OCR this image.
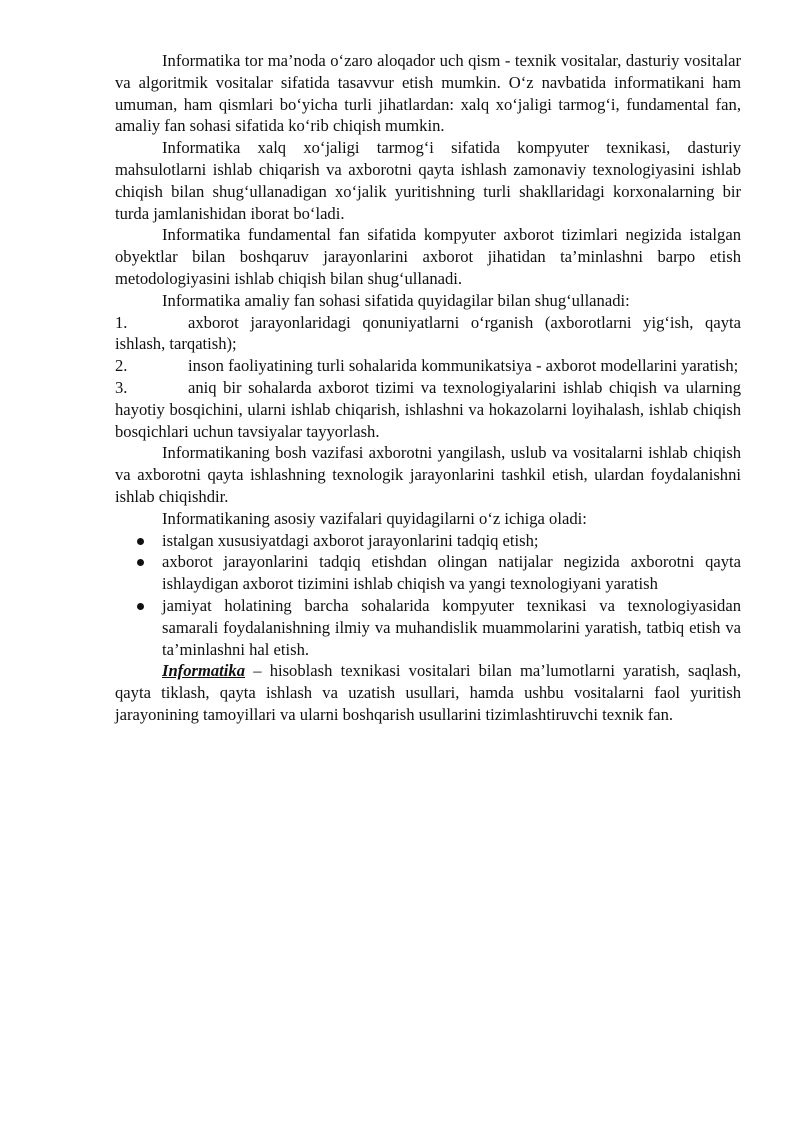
Informatika tor ma’noda o‘zaro aloqador uch qism - texnik vositalar, dasturiy vositalar va algoritmik vositalar sifatida tasavvur etish mumkin. O‘z navbatida informatikani ham umuman, ham qismlari bo‘yicha turli jihatlardan: xalq xo‘jaligi tarmog‘i, fundamental fan, amaliy fan sohasi sifatida ko‘rib chiqish mumkin.

Informatika xalq xo‘jaligi tarmog‘i sifatida kompyuter texnikasi, dasturiy mahsulotlarni ishlab chiqarish va axborotni qayta ishlash zamonaviy texnologiyasini ishlab chiqish bilan shug‘ullanadigan xo‘jalik yuritishning turli shakllaridagi korxonalarning bir turda jamlanishidan iborat bo‘ladi.

Informatika fundamental fan sifatida kompyuter axborot tizimlari negizida istalgan obyektlar bilan boshqaruv jarayonlarini axborot jihatidan ta’minlashni barpo etish metodologiyasini ishlab chiqish bilan shug‘ullanadi.

Informatika amaliy fan sohasi sifatida quyidagilar bilan shug‘ullanadi:

1.	axborot jarayonlaridagi qonuniyatlarni o‘rganish (axborotlarni yig‘ish, qayta ishlash, tarqatish);
2.	inson faoliyatining turli sohalarida kommunikatsiya - axborot modellarini yaratish;
3.	aniq bir sohalarda axborot tizimi va texnologiyalarini ishlab chiqish va ularning hayotiy bosqichini, ularni ishlab chiqarish, ishlashni va hokazolarni loyihalash, ishlab chiqish bosqichlari uchun tavsiyalar tayyorlash.

Informatikaning bosh vazifasi axborotni yangilash, uslub va vositalarni ishlab chiqish va axborotni qayta ishlashning texnologik jarayonlarini tashkil etish, ulardan foydalanishni ishlab chiqishdir.

Informatikaning asosiy vazifalari quyidagilarni o‘z ichiga oladi:

istalgan xususiyatdagi axborot jarayonlarini tadqiq etish;
axborot jarayonlarini tadqiq etishdan olingan natijalar negizida axborotni qayta ishlaydigan axborot tizimini ishlab chiqish va yangi texnologiyani yaratish
jamiyat holatining barcha sohalarida kompyuter texnikasi va texnologiyasidan samarali foydalanishning ilmiy va muhandislik muammolarini yaratish, tatbiq etish va ta’minlashni hal etish.

Informatika – hisoblash texnikasi vositalari bilan ma’lumotlarni yaratish, saqlash, qayta tiklash, qayta ishlash va uzatish usullari, hamda ushbu vositalarni faol yuritish jarayonining tamoyillari va ularni boshqarish usullarini tizimlashtiruvchi texnik fan.
